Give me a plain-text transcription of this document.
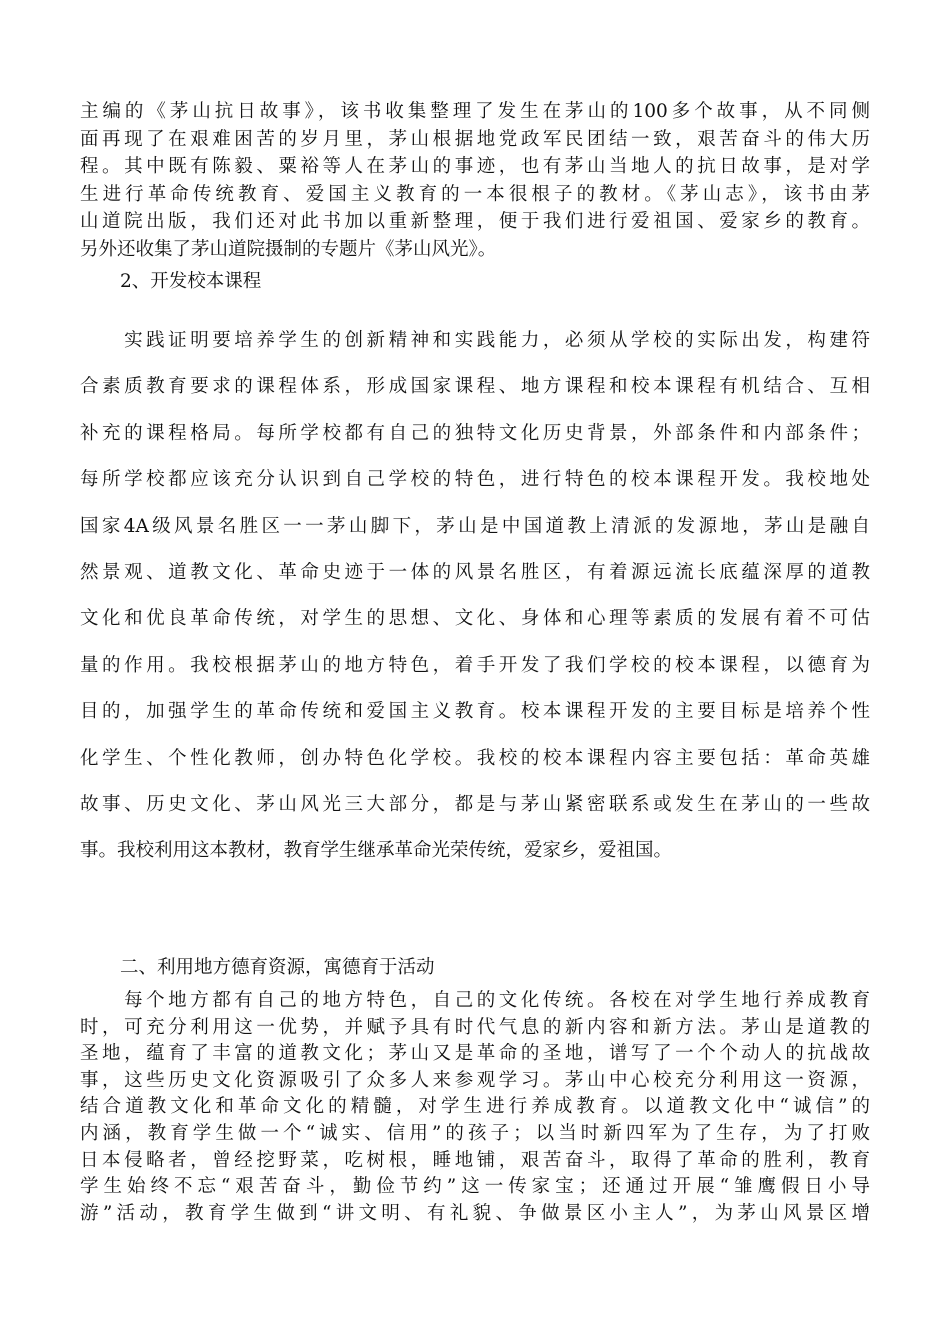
主编的《茅山抗日故事》，该书收集整理了发生在茅山的100多个故事，从不同侧
面再现了在艰难困苦的岁月里，茅山根据地党政军民团结一致，艰苦奋斗的伟大历
程。其中既有陈毅、粟裕等人在茅山的事迹，也有茅山当地人的抗日故事，是对学
生进行革命传统教育、爱国主义教育的一本很根子的教材。《茅山志》，该书由茅
山道院出版，我们还对此书加以重新整理，便于我们进行爱祖国、爱家乡的教育。
另外还收集了茅山道院摄制的专题片《茅山风光》。
2、开发校本课程
　　实践证明要培养学生的创新精神和实践能力，必须从学校的实际出发，构建符
合素质教育要求的课程体系，形成国家课程、地方课程和校本课程有机结合、互相
补充的课程格局。每所学校都有自己的独特文化历史背景，外部条件和内部条件；
每所学校都应该充分认识到自己学校的特色，进行特色的校本课程开发。我校地处
国家4A级风景名胜区一一茅山脚下，茅山是中国道教上清派的发源地，茅山是融自
然景观、道教文化、革命史迹于一体的风景名胜区，有着源远流长底蕴深厚的道教
文化和优良革命传统，对学生的思想、文化、身体和心理等素质的发展有着不可估
量的作用。我校根据茅山的地方特色，着手开发了我们学校的校本课程，以德育为
目的，加强学生的革命传统和爱国主义教育。校本课程开发的主要目标是培养个性
化学生、个性化教师，创办特色化学校。我校的校本课程内容主要包括：革命英雄
故事、历史文化、茅山风光三大部分，都是与茅山紧密联系或发生在茅山的一些故
事。我校利用这本教材，教育学生继承革命光荣传统，爱家乡，爱祖国。
二、利用地方德育资源，寓德育于活动
　　每个地方都有自己的地方特色，自己的文化传统。各校在对学生地行养成教育
时，可充分利用这一优势，并赋予具有时代气息的新内容和新方法。茅山是道教的
圣地，蕴育了丰富的道教文化；茅山又是革命的圣地，谱写了一个个动人的抗战故
事，这些历史文化资源吸引了众多人来参观学习。茅山中心校充分利用这一资源，
结合道教文化和革命文化的精髓，对学生进行养成教育。以道教文化中“诚信”的
内涵，教育学生做一个“诚实、信用”的孩子；以当时新四军为了生存，为了打败
日本侵略者，曾经挖野菜，吃树根，睡地铺，艰苦奋斗，取得了革命的胜利，教育
学生始终不忘“艰苦奋斗，勤俭节约”这一传家宝；还通过开展“雏鹰假日小导
游”活动，教育学生做到“讲文明、有礼貌、争做景区小主人”，为茅山风景区增
